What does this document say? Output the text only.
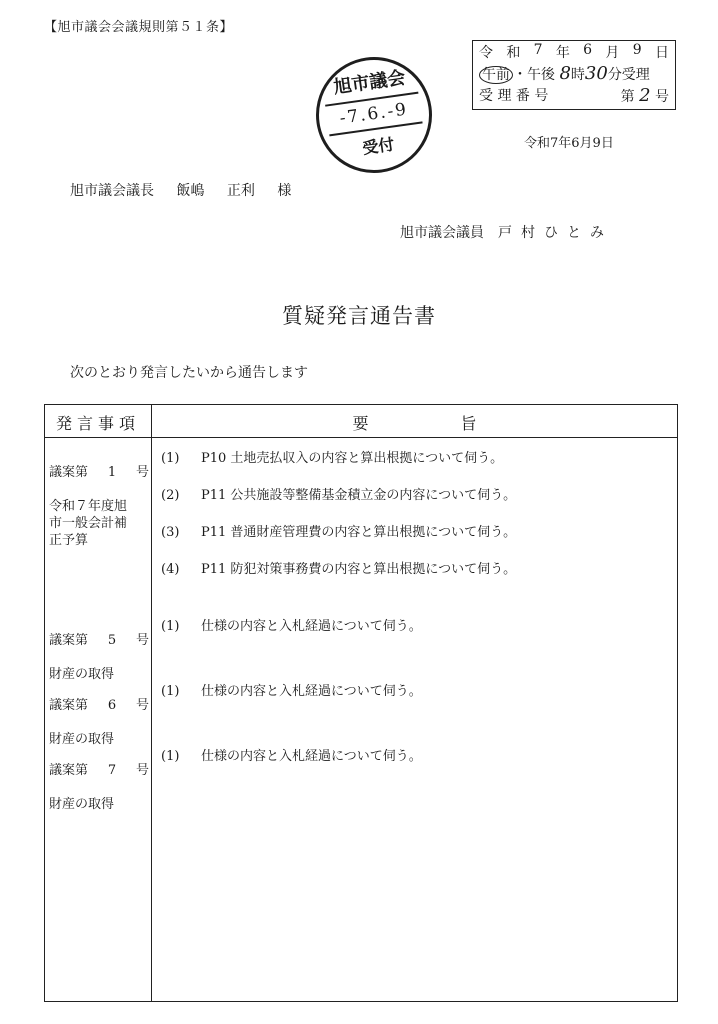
【旭市議会会議規則第５１条】
令 和 7 年 6 月 9 日
午前 ・午後 8時30分受理
受 理 番 号	第 2 号
旭市議会
-7.6.-9
受付	令和7年6月9日
旭市議会議長 飯嶋 正利 様
旭市議会議員 戸村ひとみ
質疑発言通告書
次のとおり発言したいから通告します
発言事項	要	旨

議案第 1 号

令和７年度旭
市一般会計補
正予算

(1) P10 土地売払収入の内容と算出根拠について伺う。
(2) P11 公共施設等整備基金積立金の内容について伺う。
(3) P11 普通財産管理費の内容と算出根拠について伺う。
(4) P11 防犯対策事務費の内容と算出根拠について伺う。

議案第 5 号

財産の取得

(1) 仕様の内容と入札経過について伺う。

議案第 6 号

財産の取得

(1) 仕様の内容と入札経過について伺う。

議案第 7 号

財産の取得

(1) 仕様の内容と入札経過について伺う。
